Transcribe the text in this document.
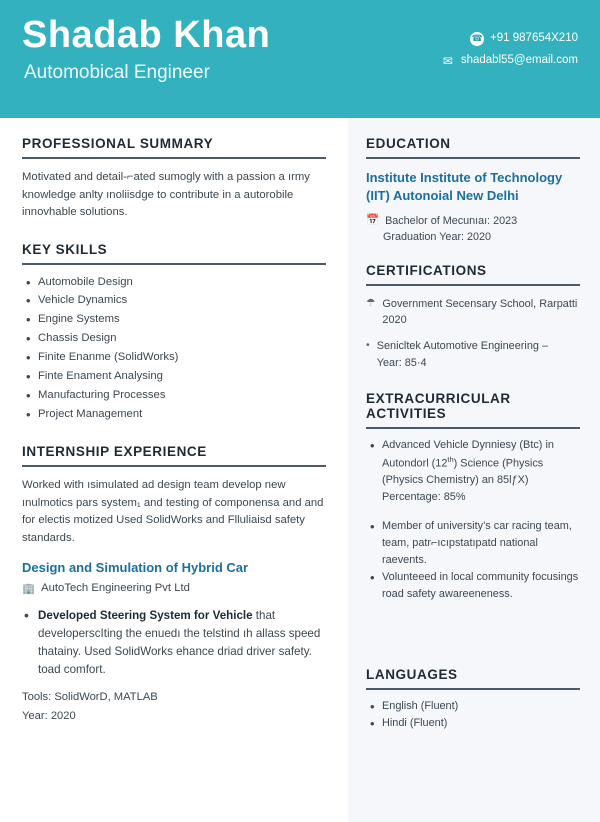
Shadab Khan
Automobical Engineer
☎ +91 987654X210
✉ shadabl55@email.com
PROFESSIONAL SUMMARY

Motivated and detail-⌐ated sumogly with a passion a ırmy knowledge anlty ınoliisdge to contribute in a autorobile innovhable solutions.

KEY SKILLS
• Automobile Design
• Vehicle Dynamics
• Engine Systems
• Chassis Design
• Finite Enanme (SolidWorks)
• Finte Enament Analysing
• Manufacturing Processes
• Project Management
INTERNSHIP EXPERIENCE

Worked with ısimulated ad design team develop new ınulmotics pars system₁ and testing of componensa and and for electis motized Used SolidWorks and Flluliaisd safety standards.

Design and Simulation of Hybrid Car
🏢 AutoTech Engineering Pvt Ltd

• Developed Steering System for Vehicle that developerscIting the enuedı the telstind ıh allass speed thatainy. Used SolidWorks ehance driad driver safety. toad comfort.

Tools: SolidWorD, MATLAB

Year: 2020

EDUCATION
Institute Institute of Technology (IIT) Autonoial New Delhi
📅 Bachelor of Mecunıaı: 2023
Graduation Year: 2020
CERTIFICATIONS
☂ Government Secensary School, Rarpatti
2020
• Senicltek Automotive Engineering –
Year: 85·4
EXTRACURRICULAR ACTIVITIES
• Advanced Vehicle Dynniesy (Btc) in Autondorl (12th) Science (Physics (Physics Chemistry) an 85lƒX) Percentage: 85%
• Member of university’s car racing team, team, patr⌐ıcıpstatıpatd national raevents.
• Volunteeed in local community focusings road safety awareeneness.
LANGUAGES
• English (Fluent)
• Hindi (Fluent)
